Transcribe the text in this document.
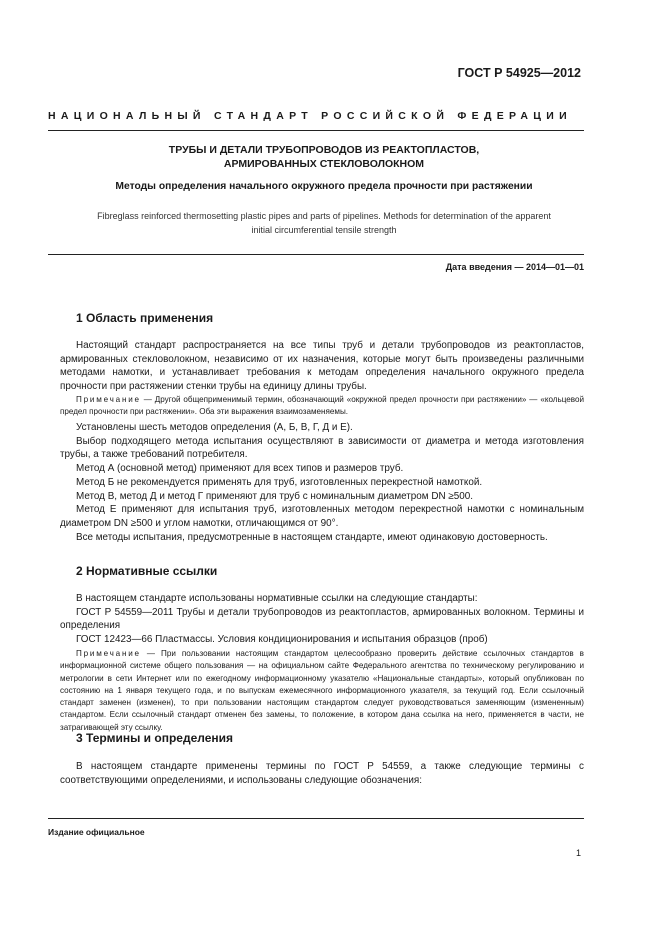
ГОСТ Р 54925—2012
НАЦИОНАЛЬНЫЙ СТАНДАРТ РОССИЙСКОЙ ФЕДЕРАЦИИ
ТРУБЫ И ДЕТАЛИ ТРУБОПРОВОДОВ ИЗ РЕАКТОПЛАСТОВ,
АРМИРОВАННЫХ СТЕКЛОВОЛОКНОМ
Методы определения начального окружного предела прочности при растяжении
Fibreglass reinforced thermosetting plastic pipes and parts of pipelines. Methods for determination of the apparent
initial circumferential tensile strength
Дата введения — 2014—01—01
1 Область применения

Настоящий стандарт распространяется на все типы труб и детали трубопроводов из реактопластов, армированных стекловолокном, независимо от их назначения, которые могут быть произведены различными методами намотки, и устанавливает требования к методам определения начального окружного предела прочности при растяжении стенки трубы на единицу длины трубы.

Примечание — Другой общеприменимый термин, обозначающий «окружной предел прочности при растяжении» — «кольцевой предел прочности при растяжении». Оба эти выражения взаимозаменяемы.

Установлены шесть методов определения (А, Б, В, Г, Д и Е).

Выбор подходящего метода испытания осуществляют в зависимости от диаметра и метода изготовления трубы, а также требований потребителя.

Метод А (основной метод) применяют для всех типов и размеров труб.

Метод Б не рекомендуется применять для труб, изготовленных перекрестной намоткой.

Метод В, метод Д и метод Г применяют для труб с номинальным диаметром DN ≥500.

Метод Е применяют для испытания труб, изготовленных методом перекрестной намотки с номинальным диаметром DN ≥500 и углом намотки, отличающимся от 90°.

Все методы испытания, предусмотренные в настоящем стандарте, имеют одинаковую достоверность.

2 Нормативные ссылки

В настоящем стандарте использованы нормативные ссылки на следующие стандарты:

ГОСТ Р 54559—2011 Трубы и детали трубопроводов из реактопластов, армированных волокном. Термины и определения

ГОСТ 12423—66 Пластмассы. Условия кондиционирования и испытания образцов (проб)

Примечание — При пользовании настоящим стандартом целесообразно проверить действие ссылочных стандартов в информационной системе общего пользования — на официальном сайте Федерального агентства по техническому регулированию и метрологии в сети Интернет или по ежегодному информационному указателю «Национальные стандарты», который опубликован по состоянию на 1 января текущего года, и по выпускам ежемесячного информационного указателя, за текущий год. Если ссылочный стандарт заменен (изменен), то при пользовании настоящим стандартом следует руководствоваться заменяющим (измененным) стандартом. Если ссылочный стандарт отменен без замены, то положение, в котором дана ссылка на него, применяется в части, не затрагивающей эту ссылку.

3 Термины и определения

В настоящем стандарте применены термины по ГОСТ Р 54559, а также следующие термины с соответствующими определениями, и использованы следующие обозначения:

Издание официальное
1
